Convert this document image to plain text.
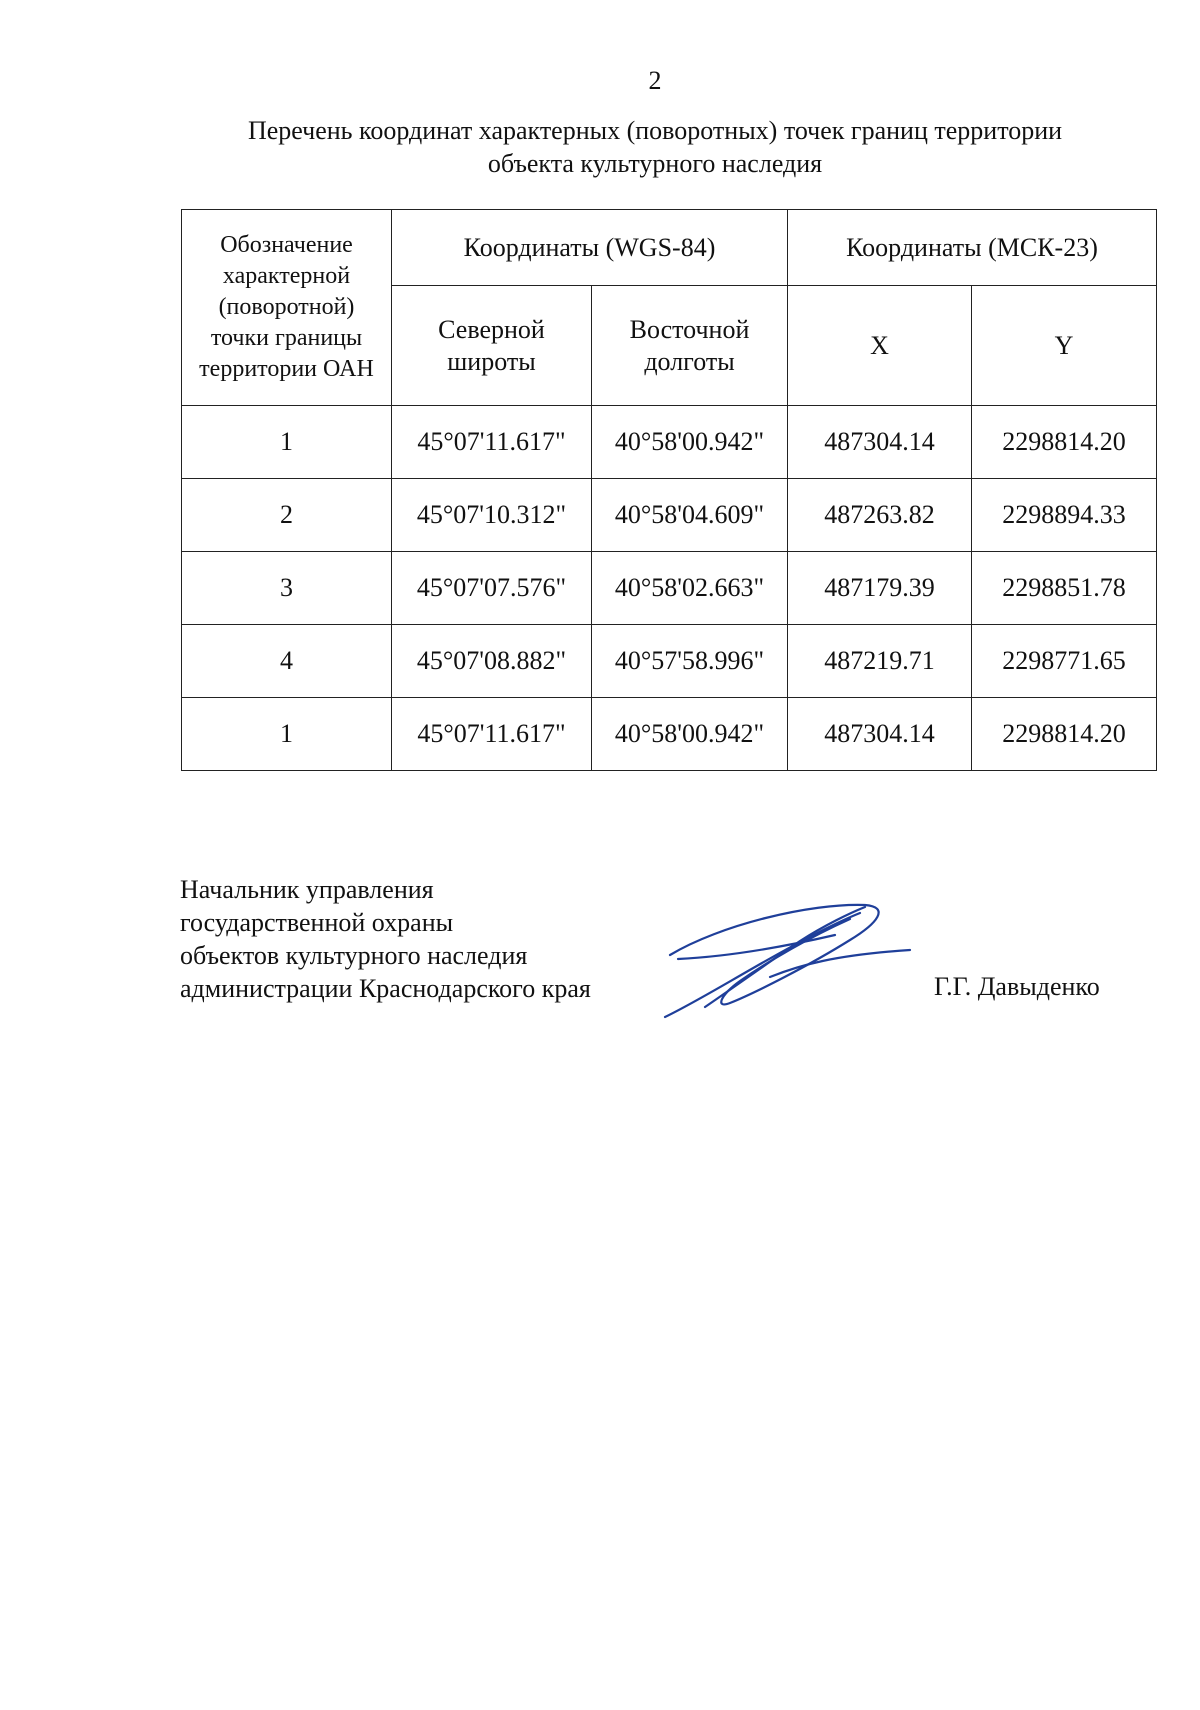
2
Перечень координат характерных (поворотных) точек границ территории
объекта культурного наследия
Обозначение характерной (поворотной) точки границы территории ОАН	Координаты (WGS-84)		Координаты (МСК-23)	
	Северной широты	Восточной долготы	X	Y
1	45°07'11.617"	40°58'00.942"	487304.14	2298814.20
2	45°07'10.312"	40°58'04.609"	487263.82	2298894.33
3	45°07'07.576"	40°58'02.663"	487179.39	2298851.78
4	45°07'08.882"	40°57'58.996"	487219.71	2298771.65
1	45°07'11.617"	40°58'00.942"	487304.14	2298814.20
Начальник управления
государственной охраны
объектов культурного наследия
администрации Краснодарского края	Г.Г. Давыденко
